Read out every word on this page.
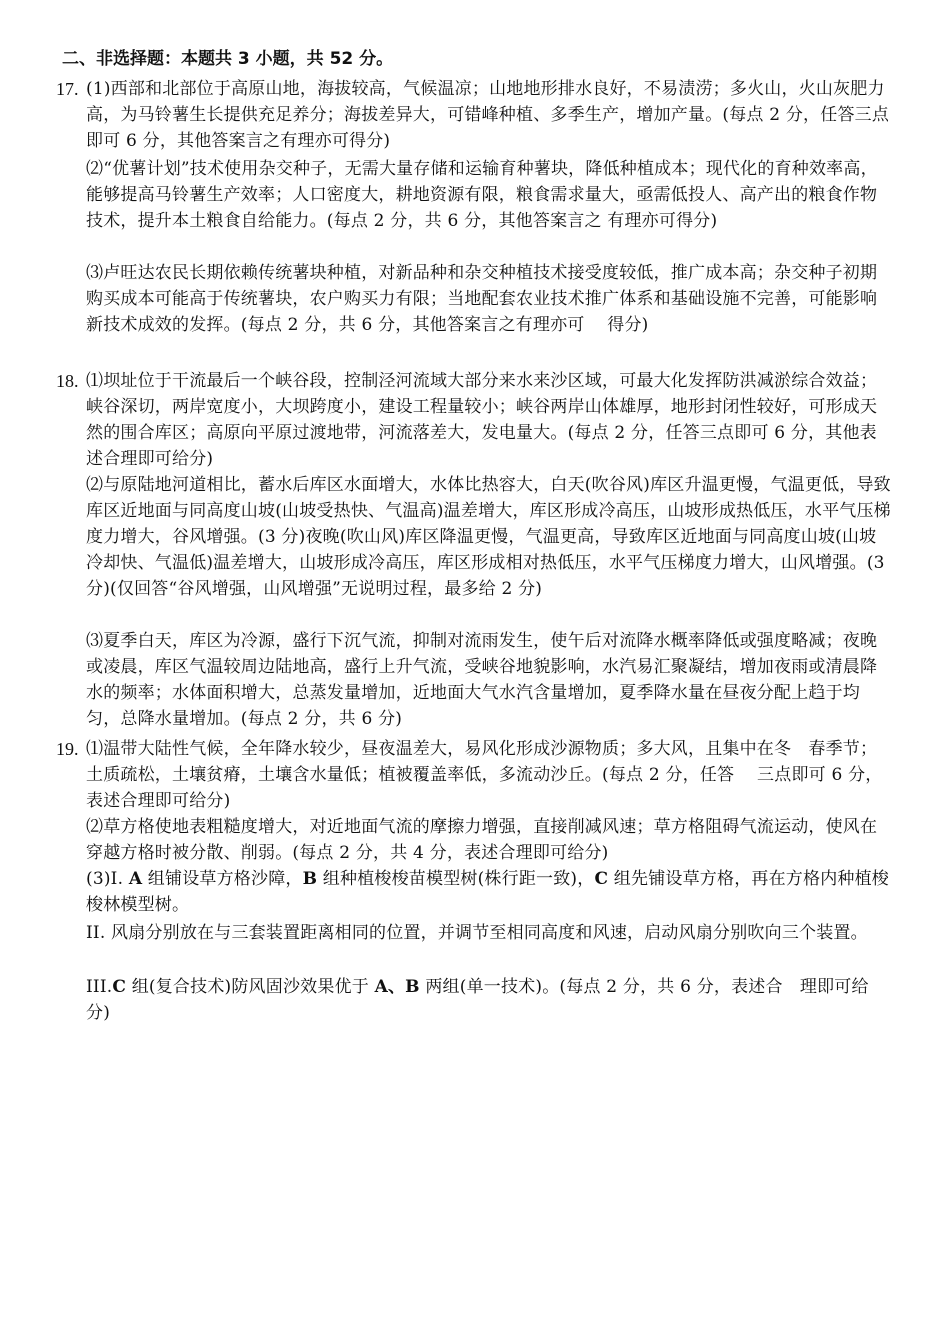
二、非选择题：本题共 3 小题，共 52 分。
17. (1)西部和北部位于高原山地，海拔较高，气候温凉；山地地形排水良好，不易渍涝；多火山，火山灰肥力高，为马铃薯生长提供充足养分；海拔差异大，可错峰种植、多季生产，增加产量。(每点 2 分，任答三点即可 6 分，其他答案言之有理亦可得分)
⑵“优薯计划”技术使用杂交种子，无需大量存储和运输育种薯块，降低种植成本；现代化的育种效率高，能够提高马铃薯生产效率；人口密度大，耕地资源有限，粮食需求量大，亟需低投人、高产出的粮食作物技术，提升本土粮食自给能力。(每点 2 分，共 6 分，其他答案言之 有理亦可得分)
⑶卢旺达农民长期依赖传统薯块种植，对新品种和杂交种植技术接受度较低，推广成本高；杂交种子初期购买成本可能高于传统薯块，农户购买力有限；当地配套农业技术推广体系和基础设施不完善，可能影响新技术成效的发挥。(每点 2 分，共 6 分，其他答案言之有理亦可　 得分)
18. ⑴坝址位于干流最后一个峡谷段，控制泾河流域大部分来水来沙区域，可最大化发挥防洪减淤综合效益；峡谷深切，两岸宽度小，大坝跨度小，建设工程量较小；峡谷两岸山体雄厚，地形封闭性较好，可形成天然的围合库区；高原向平原过渡地带，河流落差大，发电量大。(每点 2 分，任答三点即可 6 分，其他表述合理即可给分)
⑵与原陆地河道相比，蓄水后库区水面增大，水体比热容大，白天(吹谷风)库区升温更慢，气温更低，导致库区近地面与同高度山坡(山坡受热快、气温高)温差增大，库区形成冷高压，山坡形成热低压，水平气压梯度力增大，谷风增强。(3 分)夜晚(吹山风)库区降温更慢，气温更高，导致库区近地面与同高度山坡(山坡冷却快、气温低)温差增大，山坡形成冷高压，库区形成相对热低压，水平气压梯度力增大，山风增强。(3 分)(仅回答“谷风增强，山风增强”无说明过程，最多给 2 分)
⑶夏季白天，库区为冷源，盛行下沉气流，抑制对流雨发生，使午后对流降水概率降低或强度略减；夜晚或凌晨，库区气温较周边陆地高，盛行上升气流，受峡谷地貌影响，水汽易汇聚凝结，增加夜雨或清晨降水的频率；水体面积增大，总蒸发量增加，近地面大气水汽含量增加，夏季降水量在昼夜分配上趋于均匀，总降水量增加。(每点 2 分，共 6 分)
19. ⑴温带大陆性气候，全年降水较少，昼夜温差大，易风化形成沙源物质；多大风，且集中在冬　春季节；土质疏松，土壤贫瘠，土壤含水量低；植被覆盖率低，多流动沙丘。(每点 2 分，任答　 三点即可 6 分，表述合理即可给分)
⑵草方格使地表粗糙度增大，对近地面气流的摩擦力增强，直接削减风速；草方格阻碍气流运动，使风在穿越方格时被分散、削弱。(每点 2 分，共 4 分，表述合理即可给分)
(3)I. A 组铺设草方格沙障，B 组种植梭梭苗模型树(株行距一致)，C 组先铺设草方格，再在方格内种植梭梭林模型树。
II. 风扇分别放在与三套装置距离相同的位置，并调节至相同高度和风速，启动风扇分别吹向三个装置。
III.C 组(复合技术)防风固沙效果优于 A、B 两组(单一技术)。(每点 2 分，共 6 分，表述合　理即可给分)
